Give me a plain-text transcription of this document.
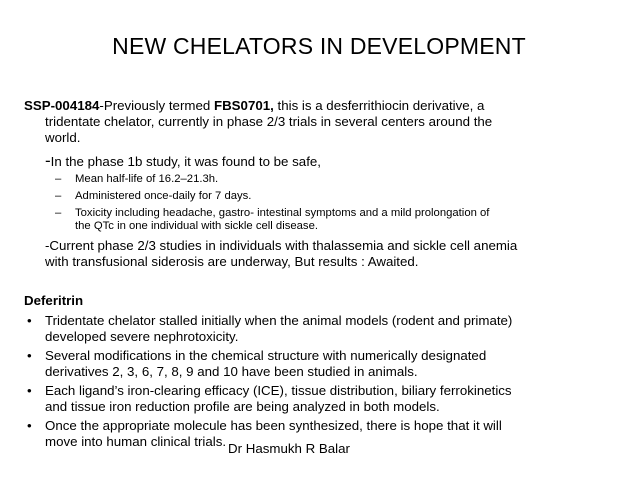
NEW CHELATORS IN DEVELOPMENT
SSP-004184-Previously termed FBS0701, this is a desferrithiocin derivative, a
tridentate chelator, currently in phase 2/3 trials in several centers around the
world.
-In the phase 1b study, it was found to be safe,
– Mean half-life of 16.2–21.3h.
– Administered once-daily for 7 days.
– Toxicity including headache, gastro- intestinal symptoms and a mild prolongation of
the QTc in one individual with sickle cell disease.
-Current phase 2/3 studies in individuals with thalassemia and sickle cell anemia
with transfusional siderosis are underway, But results : Awaited.
Deferitrin
• Tridentate chelator stalled initially when the animal models (rodent and primate)
developed severe nephrotoxicity.
• Several modifications in the chemical structure with numerically designated
derivatives 2, 3, 6, 7, 8, 9 and 10 have been studied in animals.
• Each ligand’s iron-clearing efficacy (ICE), tissue distribution, biliary ferrokinetics
and tissue iron reduction profile are being analyzed in both models.
• Once the appropriate molecule has been synthesized, there is hope that it will
move into human clinical trials. Dr Hasmukh R Balar
